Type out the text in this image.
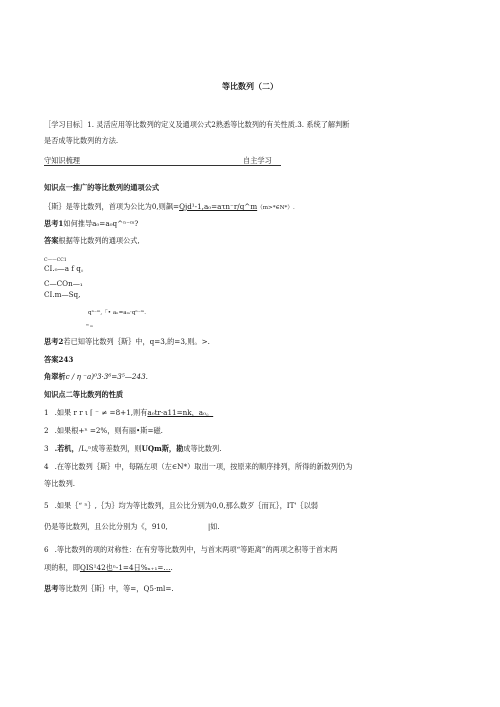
等比数列（二）
［学习目标］1. 灵活应用等比数列的定义及通项公式2熟悉等比数列的有关性质.3. 系统了解判断
是否成等比数列的方法.
守知识梳理	自主学习
知识点一推广的等比数列的通项公式
｛斯｝是等比数列，首项为公比为0,则飙=Qjd¹-1,a₀=aτn⁻r/q^m（m>*∈N*）.
思考1如何推导a₀=a₀q^ⁿ⁻ᵐ?
答案根据等比数列的通项公式,
C——CC1
CI.₀—a f q。
C—COn—₁
CI.m—Sq,
qⁿ⁻ᵐ,「• aₙ=aₘ·qⁿ⁻ᵐ.
ᵐ ₘ
思考2若已知等比数列｛斯｝中，q=3,的=3,则。>.
答案243
角翠析c / η ⁻a)⁰3·3⁶=3⁵—243.
知识点二等比数列的性质
1 .如果 r r ι ⌈ ⁻ ≠ =8+1,则有a₀tr·a11=nk，a₀。
2 .如果根+ⁿ =2%，则有丽•斯=磁.
3 .若机，/L,ⁿ成等差数列，则UQm斯，勘成等比数列.
4 .在等比数列｛斯｝中，每隔左项（左∈N*）取出一项，按原来的顺序排列，所得的新数列仍为
等比数列.
5 .如果｛“ ⁿ｝,｛为｝均为等比数列，且公比分别为0,0,那么数歹｛而瓦｝，IT'｛以弱
仍是等比数列，且公比分别为《，910,	|如.
6 .等比数列的项的对称性：在有穷等比数列中，与首末两项“等距离”的两项之积等于首末两
项的积，即QIS¹42也ⁿ-1=4日%ₙ₊₁=….
思考等比数列｛斯｝中，等=，Q5·ml=.
